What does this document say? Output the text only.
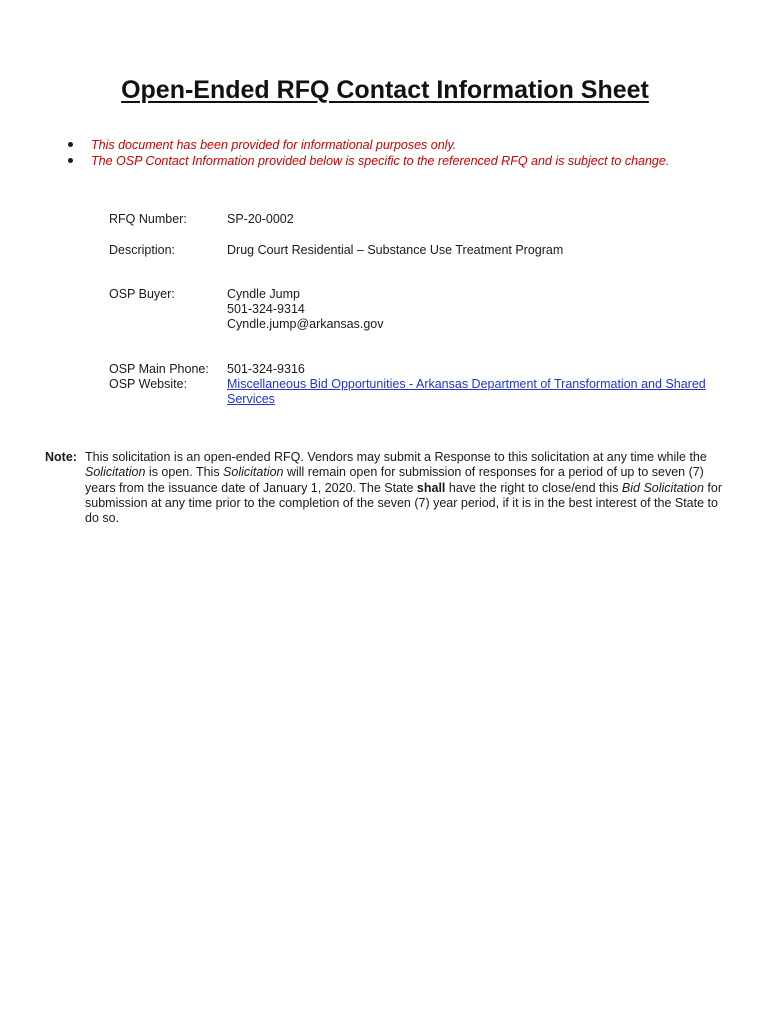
Open-Ended RFQ Contact Information Sheet
This document has been provided for informational purposes only.
The OSP Contact Information provided below is specific to the referenced RFQ and is subject to change.
RFQ Number:	SP-20-0002
Description:	Drug Court Residential – Substance Use Treatment Program
OSP Buyer:	Cyndle Jump
501-324-9314
Cyndle.jump@arkansas.gov
OSP Main Phone: 501-324-9316
OSP Website:	Miscellaneous Bid Opportunities - Arkansas Department of Transformation and Shared
Services
Note: This solicitation is an open-ended RFQ. Vendors may submit a Response to this solicitation at any time while the Solicitation is open. This Solicitation will remain open for submission of responses for a period of up to seven (7) years from the issuance date of January 1, 2020. The State shall have the right to close/end this Bid Solicitation for submission at any time prior to the completion of the seven (7) year period, if it is in the best interest of the State to do so.
